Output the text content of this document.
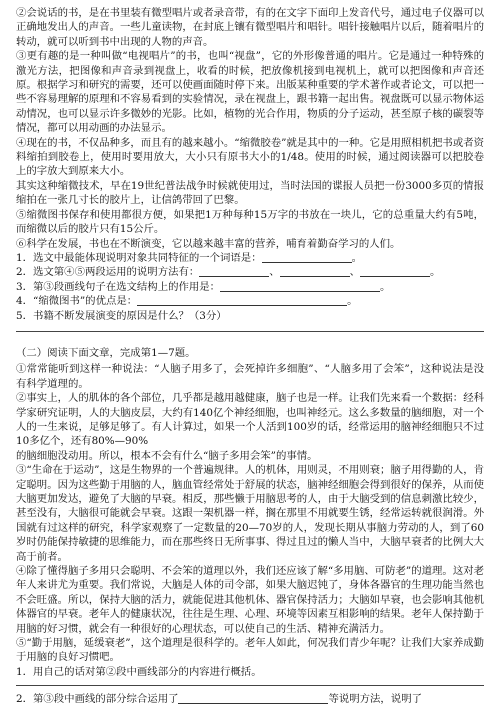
②会说话的书，是在书里装有微型唱片或者录音带，有的在文字下面印上发音代号，通过电子仪器可以正确地发出人的声音。一些儿童读物，在封底上镶有微型唱片和唱针。唱针接触唱片以后，随着唱片的转动，就可以听到书中出现的人物的声音。

③更有趣的是一种叫做“电视唱片”的书，也叫“视盘”，它的外形像普通的唱片。它是通过一种特殊的激光方法，把图像和声音录到视盘上，收看的时候，把放像机接到电视机上，就可以把图像和声音还原。根据学习和研究的需要，还可以使画面随时停下来。出版某种重要的学术著作或者论文，可以把一些不容易理解的原理和不容易看到的实验情况，录在视盘上，跟书籍一起出售。视盘既可以显示物体运动情况，也可以显示许多微妙的光影。比如，植物的光合作用，物质的分子运动，甚至原子核的碳裂等情况，都可以用动画的办法显示。

④现在的书，不仅品种多，而且有的越来越小。“缩微胶卷”就是其中的一种。它是用照相机把书或者资料缩拍到胶卷上，使用时要用放大，大小只有原书大小的1/48。使用的时候，通过阅读器可以把胶卷上的字放大到原来大小。

其实这种缩微技术，早在19世纪普法战争时候就使用过，当时法国的谍报人员把一份3000多页的情报缩拍在一张几寸长的胶片上，让信鸽带回了巴黎。

⑤缩微图书保存和使用都很方便，如果把1万种每种15万字的书放在一块儿，它的总重量大约有5吨，而缩微以后的胶片只有15公斤。

⑥科学在发展，书也在不断演变，它以越来越丰富的营养，哺育着勤奋学习的人们。

1．选文中最能体现说明对象共同特征的一个词语是：	。
2．选文第④⑤两段运用的说明方法有：	、	、	。
3．第③段画线句子在选文结构上的作用是：	。
4．“缩微图书”的优点是：	。
5．书籍不断发展演变的原因是什么？（3分）

（二）阅读下面文章，完成第1—7题。

①常常能听到这样一种说法：“人脑子用多了，会死掉许多细胞”、“人脑多用了会笨”，这种说法是没有科学道理的。

②事实上，人的肌体的各个部位，几乎都是越用越健康，脑子也是一样。让我们先来看一个数据：经科学家研究证明，人的大脑皮层，大约有140亿个神经细胞，也叫神经元。这么多数量的脑细胞，对一个人的一生来说，足够足够了。有人计算过，如果一个人活到100岁的话，经常运用的脑神经细胞只不过10多亿个，还有80%—90%

的脑细胞没动用。所以，根本不会有什么“脑子多用会笨”的事情。

③“生命在于运动”，这是生物界的一个普遍规律。人的机体，用则灵，不用则衰；脑子用得勤的人，肯定聪明。因为这些勤于用脑的人，脑血管经常处于舒展的状态，脑神经细胞会得到很好的保养，从而使大脑更加发达，避免了大脑的早衰。相反，那些懒于用脑思考的人，由于大脑受到的信息刺激比较少，甚至没有，大脑很可能就会早衰。这跟一架机器一样，搁在那里不用就要生锈，经常运转就很润滑。外国就有过这样的研究，科学家观察了一定数量的20—70岁的人，发现长期从事脑力劳动的人，到了60岁时仍能保持敏捷的思维能力，而在那些终日无所事事、得过且过的懒人当中，大脑早衰者的比例大大高于前者。

④除了懂得脑子多用只会聪明、不会笨的道理以外，我们还应该了解“多用脑、可防老”的道理。这对老年人来讲尤为重要。我们常说，大脑是人体的司令部，如果大脑迟钝了，身体各器官的生理功能当然也不会旺盛。所以，保持大脑的活力，就能促进其他机体、器官保持活力；大脑如早衰，也会影响其他机体器官的早衰。老年人的健康状况，往往是生理、心理、环境等因素互相影响的结果。老年人保持勤于用脑的好习惯，就会有一种很好的心理状态，可以使自己的生活、精神充满活力。

⑤“勤于用脑，延缓衰老”，这个道理是很科学的。老年人如此，何况我们青少年呢？让我们大家养成勤于用脑的良好习惯吧。

1．用自己的话对第②段中画线部分的内容进行概括。
2．第③段中画线的部分综合运用了	等说明方法，说明了
